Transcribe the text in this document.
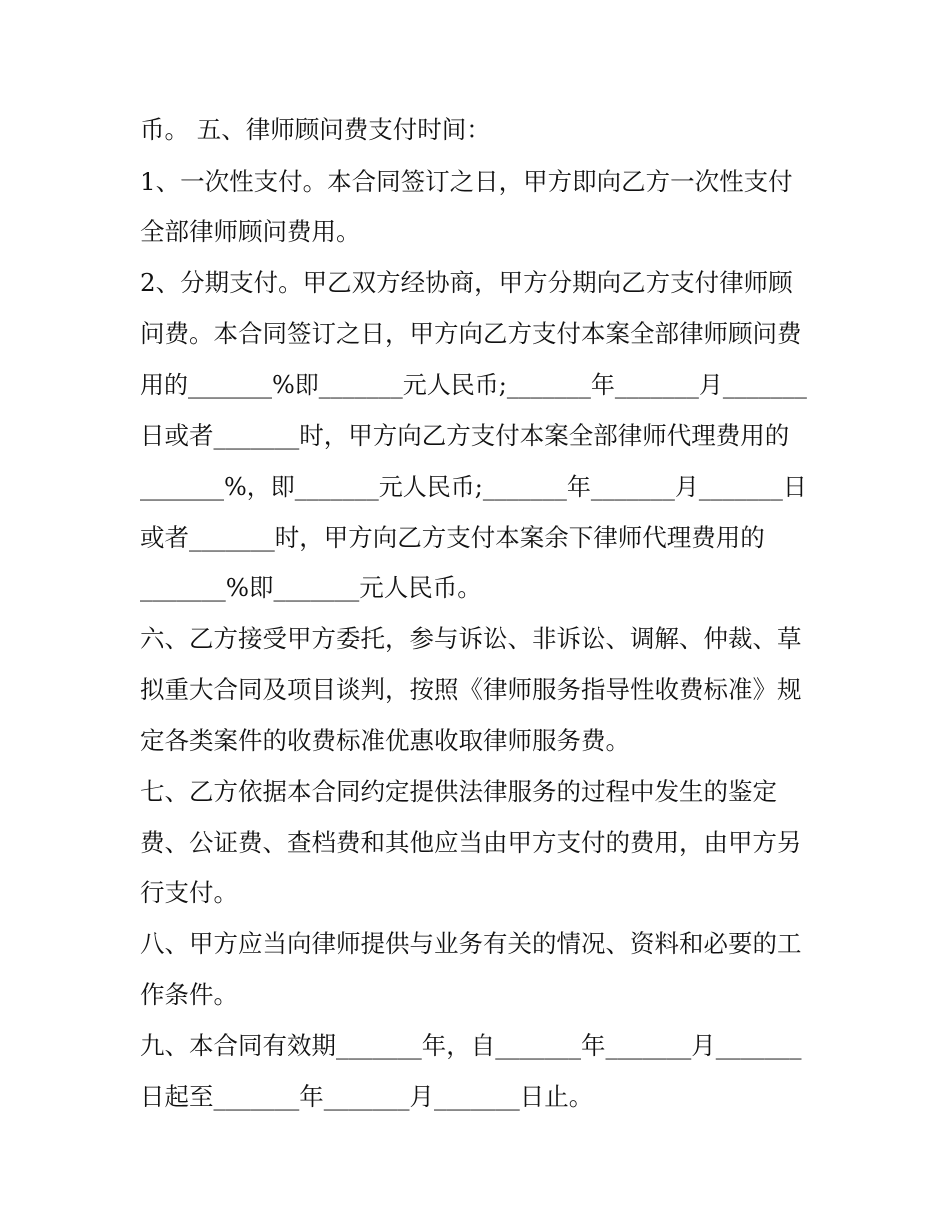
币。 五、律师顾问费支付时间：
1、一次性支付。本合同签订之日，甲方即向乙方一次性支付
全部律师顾问费用。
2、分期支付。甲乙双方经协商，甲方分期向乙方支付律师顾
问费。本合同签订之日，甲方向乙方支付本案全部律师顾问费
用的_______%即_______元人民币;_______年_______月_______
日或者_______时，甲方向乙方支付本案全部律师代理费用的
_______%，即_______元人民币;_______年_______月_______日
或者_______时，甲方向乙方支付本案余下律师代理费用的
_______%即_______元人民币。
六、乙方接受甲方委托，参与诉讼、非诉讼、调解、仲裁、草
拟重大合同及项目谈判，按照《律师服务指导性收费标准》规
定各类案件的收费标准优惠收取律师服务费。
七、乙方依据本合同约定提供法律服务的过程中发生的鉴定
费、公证费、查档费和其他应当由甲方支付的费用，由甲方另
行支付。
八、甲方应当向律师提供与业务有关的情况、资料和必要的工
作条件。
九、本合同有效期_______年，自_______年_______月_______
日起至_______年_______月_______日止。
